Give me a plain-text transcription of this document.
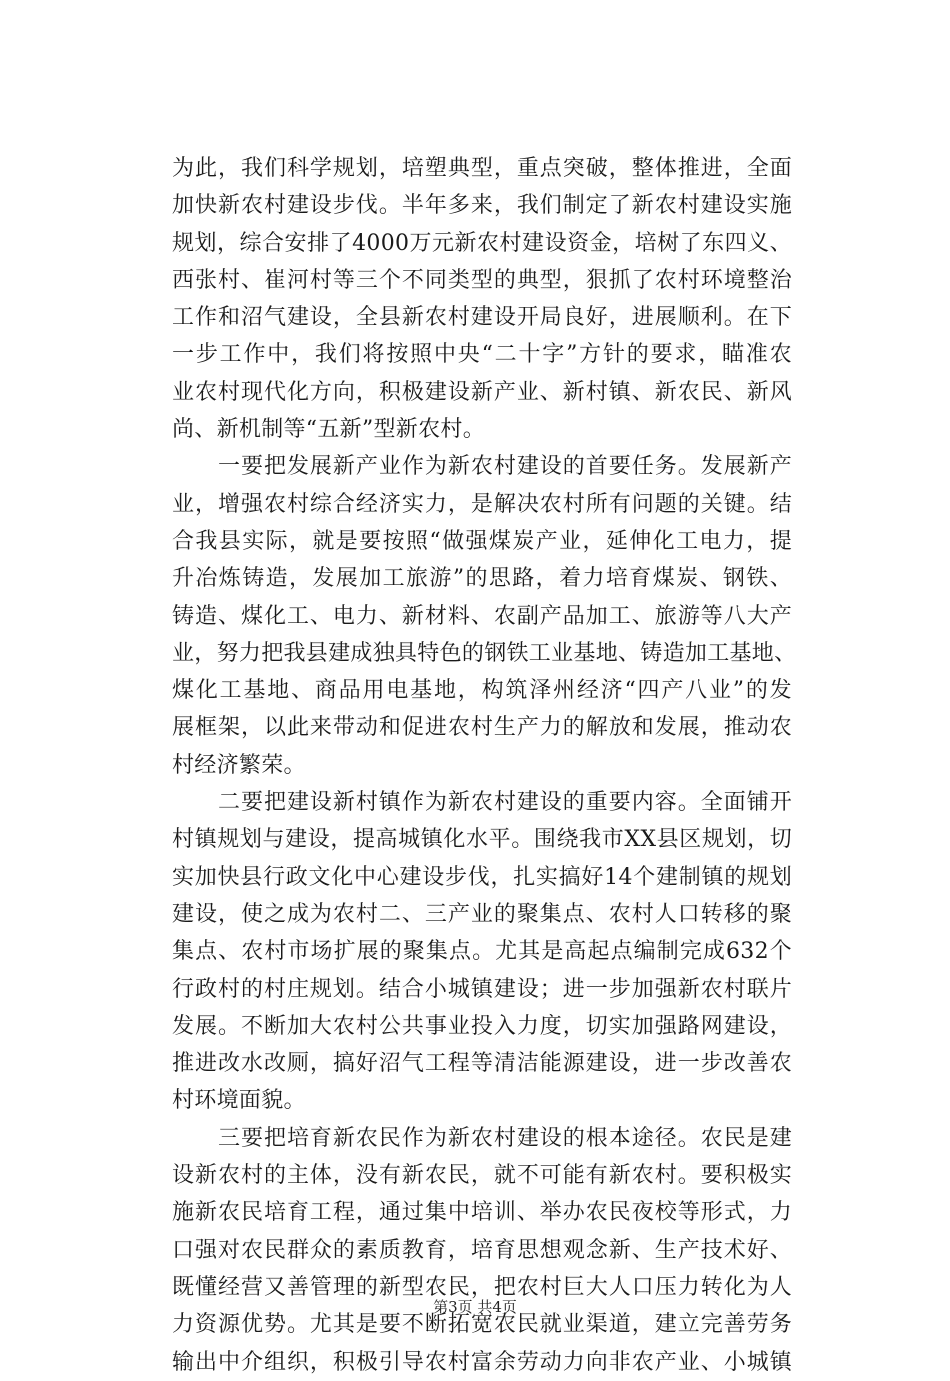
为此，我们科学规划，培塑典型，重点突破，整体推进，全面
加快新农村建设步伐。半年多来，我们制定了新农村建设实施
规划，综合安排了4000万元新农村建设资金，培树了东四义、
西张村、崔河村等三个不同类型的典型，狠抓了农村环境整治
工作和沼气建设，全县新农村建设开局良好，进展顺利。在下
一步工作中，我们将按照中央“二十字”方针的要求，瞄准农
业农村现代化方向，积极建设新产业、新村镇、新农民、新风
尚、新机制等“五新”型新农村。
　　一要把发展新产业作为新农村建设的首要任务。发展新产
业，增强农村综合经济实力，是解决农村所有问题的关键。结
合我县实际，就是要按照“做强煤炭产业，延伸化工电力，提
升冶炼铸造，发展加工旅游”的思路，着力培育煤炭、钢铁、
铸造、煤化工、电力、新材料、农副产品加工、旅游等八大产
业，努力把我县建成独具特色的钢铁工业基地、铸造加工基地、
煤化工基地、商品用电基地，构筑泽州经济“四产八业”的发
展框架，以此来带动和促进农村生产力的解放和发展，推动农
村经济繁荣。
　　二要把建设新村镇作为新农村建设的重要内容。全面铺开
村镇规划与建设，提高城镇化水平。围绕我市XX县区规划，切
实加快县行政文化中心建设步伐，扎实搞好14个建制镇的规划
建设，使之成为农村二、三产业的聚集点、农村人口转移的聚
集点、农村市场扩展的聚集点。尤其是高起点编制完成632个
行政村的村庄规划。结合小城镇建设；进一步加强新农村联片
发展。不断加大农村公共事业投入力度，切实加强路网建设，
推进改水改厕，搞好沼气工程等清洁能源建设，进一步改善农
村环境面貌。
　　三要把培育新农民作为新农村建设的根本途径。农民是建
设新农村的主体，没有新农民，就不可能有新农村。要积极实
施新农民培育工程，通过集中培训、举办农民夜校等形式，力
口强对农民群众的素质教育，培育思想观念新、生产技术好、
既懂经营又善管理的新型农民，把农村巨大人口压力转化为人
力资源优势。尤其是要不断拓宽农民就业渠道，建立完善劳务
输出中介组织，积极引导农村富余劳动力向非农产业、小城镇
第3页 共4页
